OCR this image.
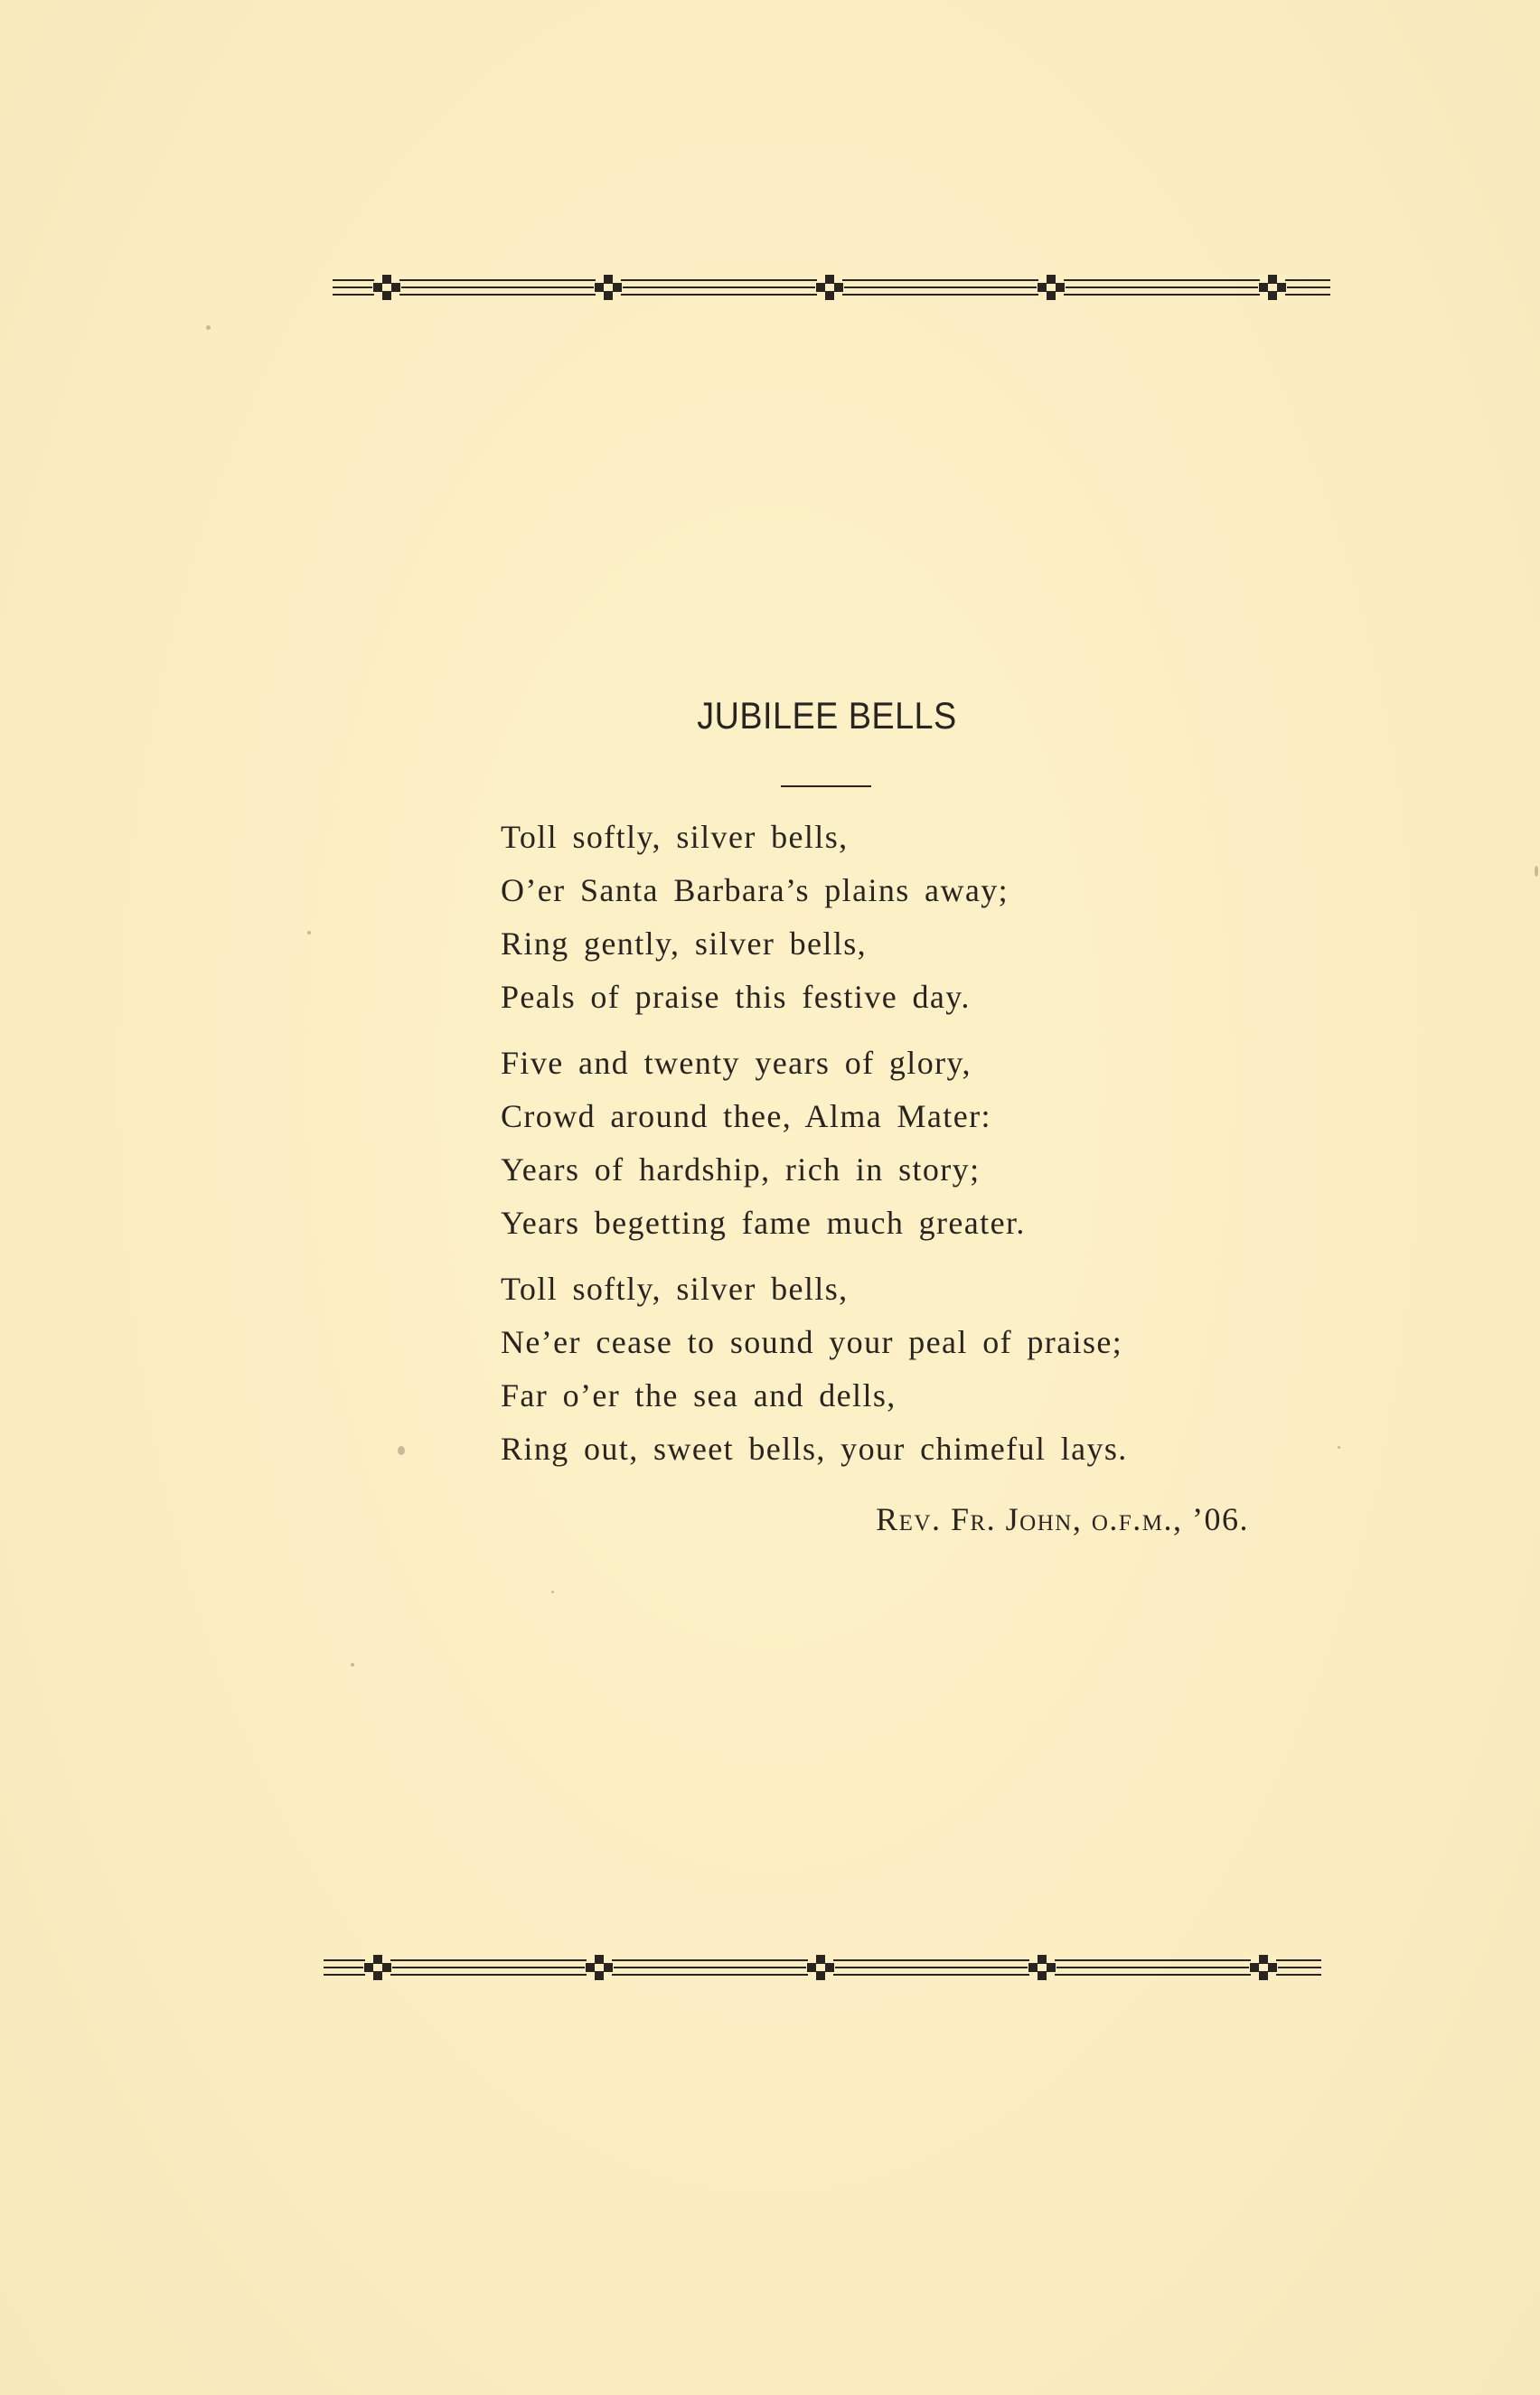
JUBILEE BELLS
Toll softly, silver bells,
O’er Santa Barbara’s plains away;
Ring gently, silver bells,
Peals of praise this festive day.
Five and twenty years of glory,
Crowd around thee, Alma Mater:
Years of hardship, rich in story;
Years begetting fame much greater.
Toll softly, silver bells,
Ne’er cease to sound your peal of praise;
Far o’er the sea and dells,
Ring out, sweet bells, your chimeful lays.
Rev. Fr. John, o.f.m., ’06.
